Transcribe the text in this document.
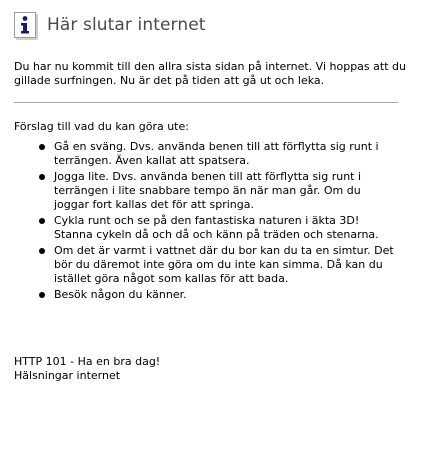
Här slutar internet
Du har nu kommit till den allra sista sidan på internet. Vi hoppas att du gillade surfningen. Nu är det på tiden att gå ut och leka.
Förslag till vad du kan göra ute:
Gå en sväng. Dvs. använda benen till att förflytta sig runt i terrängen. Även kallat att spatsera.
Jogga lite. Dvs. använda benen till att förflytta sig runt i terrängen i lite snabbare tempo än när man går. Om du joggar fort kallas det för att springa.
Cykla runt och se på den fantastiska naturen i äkta 3D! Stanna cykeln då och då och känn på träden och stenarna.
Om det är varmt i vattnet där du bor kan du ta en simtur. Det bör du däremot inte göra om du inte kan simma. Då kan du istället göra något som kallas för att bada.
Besök någon du känner.
HTTP 101 - Ha en bra dag!
Hälsningar internet
